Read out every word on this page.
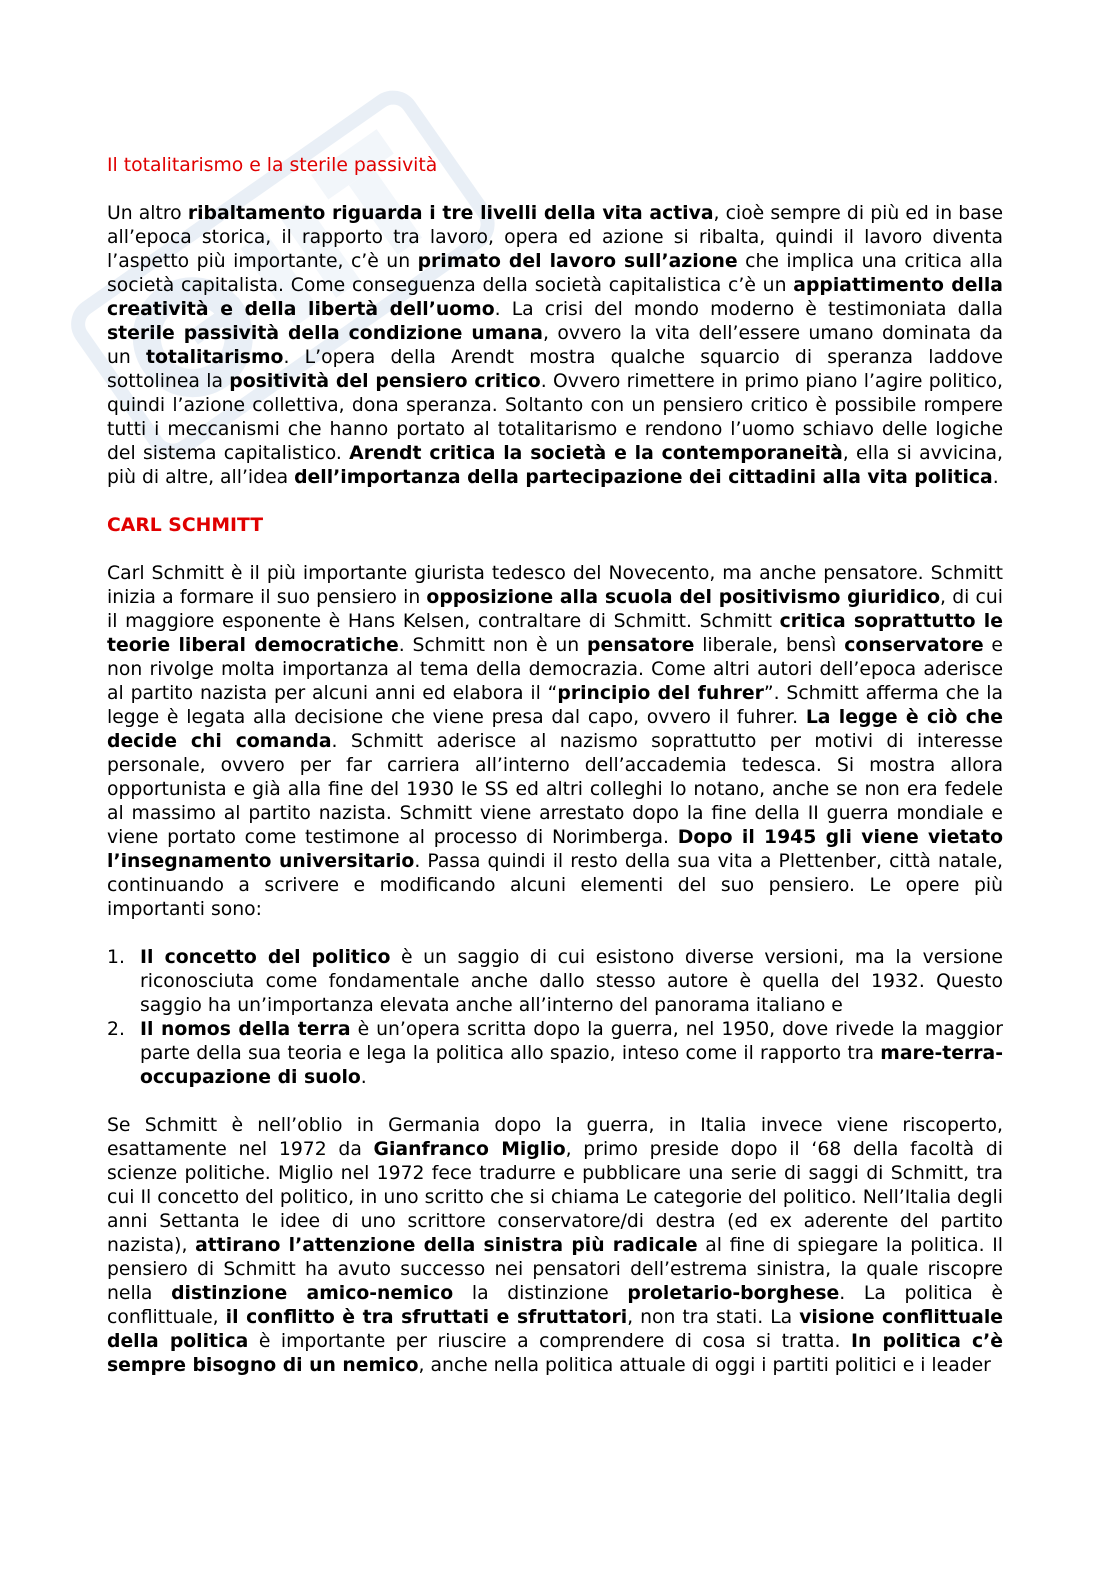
Il totalitarismo e la sterile passività

Un altro ribaltamento riguarda i tre livelli della vita activa, cioè sempre di più ed in base all’epoca storica, il rapporto tra lavoro, opera ed azione si ribalta, quindi il lavoro diventa l’aspetto più importante, c’è un primato del lavoro sull’azione che implica una critica alla società capitalista. Come conseguenza della società capitalistica c’è un appiattimento della creatività e della libertà dell’uomo. La crisi del mondo moderno è testimoniata dalla sterile passività della condizione umana, ovvero la vita dell’essere umano dominata da un totalitarismo. L’opera della Arendt mostra qualche squarcio di speranza laddove sottolinea la positività del pensiero critico. Ovvero rimettere in primo piano l’agire politico, quindi l’azione collettiva, dona speranza. Soltanto con un pensiero critico è possibile rompere tutti i meccanismi che hanno portato al totalitarismo e rendono l’uomo schiavo delle logiche del sistema capitalistico. Arendt critica la società e la contemporaneità, ella si avvicina, più di altre, all’idea dell’importanza della partecipazione dei cittadini alla vita politica.

CARL SCHMITT

Carl Schmitt è il più importante giurista tedesco del Novecento, ma anche pensatore. Schmitt inizia a formare il suo pensiero in opposizione alla scuola del positivismo giuridico, di cui il maggiore esponente è Hans Kelsen, contraltare di Schmitt. Schmitt critica soprattutto le teorie liberal democratiche. Schmitt non è un pensatore liberale, bensì conservatore e non rivolge molta importanza al tema della democrazia. Come altri autori dell’epoca aderisce al partito nazista per alcuni anni ed elabora il “principio del fuhrer”. Schmitt afferma che la legge è legata alla decisione che viene presa dal capo, ovvero il fuhrer. La legge è ciò che decide chi comanda. Schmitt aderisce al nazismo soprattutto per motivi di interesse personale, ovvero per far carriera all’interno dell’accademia tedesca. Si mostra allora opportunista e già alla fine del 1930 le SS ed altri colleghi lo notano, anche se non era fedele al massimo al partito nazista. Schmitt viene arrestato dopo la fine della II guerra mondiale e viene portato come testimone al processo di Norimberga. Dopo il 1945 gli viene vietato l’insegnamento universitario. Passa quindi il resto della sua vita a Plettenber, città natale, continuando a scrivere e modificando alcuni elementi del suo pensiero. Le opere più importanti sono:

1. Il concetto del politico è un saggio di cui esistono diverse versioni, ma la versione riconosciuta come fondamentale anche dallo stesso autore è quella del 1932. Questo saggio ha un’importanza elevata anche all’interno del panorama italiano e
2. Il nomos della terra è un’opera scritta dopo la guerra, nel 1950, dove rivede la maggior parte della sua teoria e lega la politica allo spazio, inteso come il rapporto tra mare-terra-occupazione di suolo.

Se Schmitt è nell’oblio in Germania dopo la guerra, in Italia invece viene riscoperto, esattamente nel 1972 da Gianfranco Miglio, primo preside dopo il ‘68 della facoltà di scienze politiche. Miglio nel 1972 fece tradurre e pubblicare una serie di saggi di Schmitt, tra cui Il concetto del politico, in uno scritto che si chiama Le categorie del politico. Nell’Italia degli anni Settanta le idee di uno scrittore conservatore/di destra (ed ex aderente del partito nazista), attirano l’attenzione della sinistra più radicale al fine di spiegare la politica. Il pensiero di Schmitt ha avuto successo nei pensatori dell’estrema sinistra, la quale riscopre nella distinzione amico-nemico la distinzione proletario-borghese. La politica è conflittuale, il conflitto è tra sfruttati e sfruttatori, non tra stati. La visione conflittuale della politica è importante per riuscire a comprendere di cosa si tratta. In politica c’è sempre bisogno di un nemico, anche nella politica attuale di oggi i partiti politici e i leader
